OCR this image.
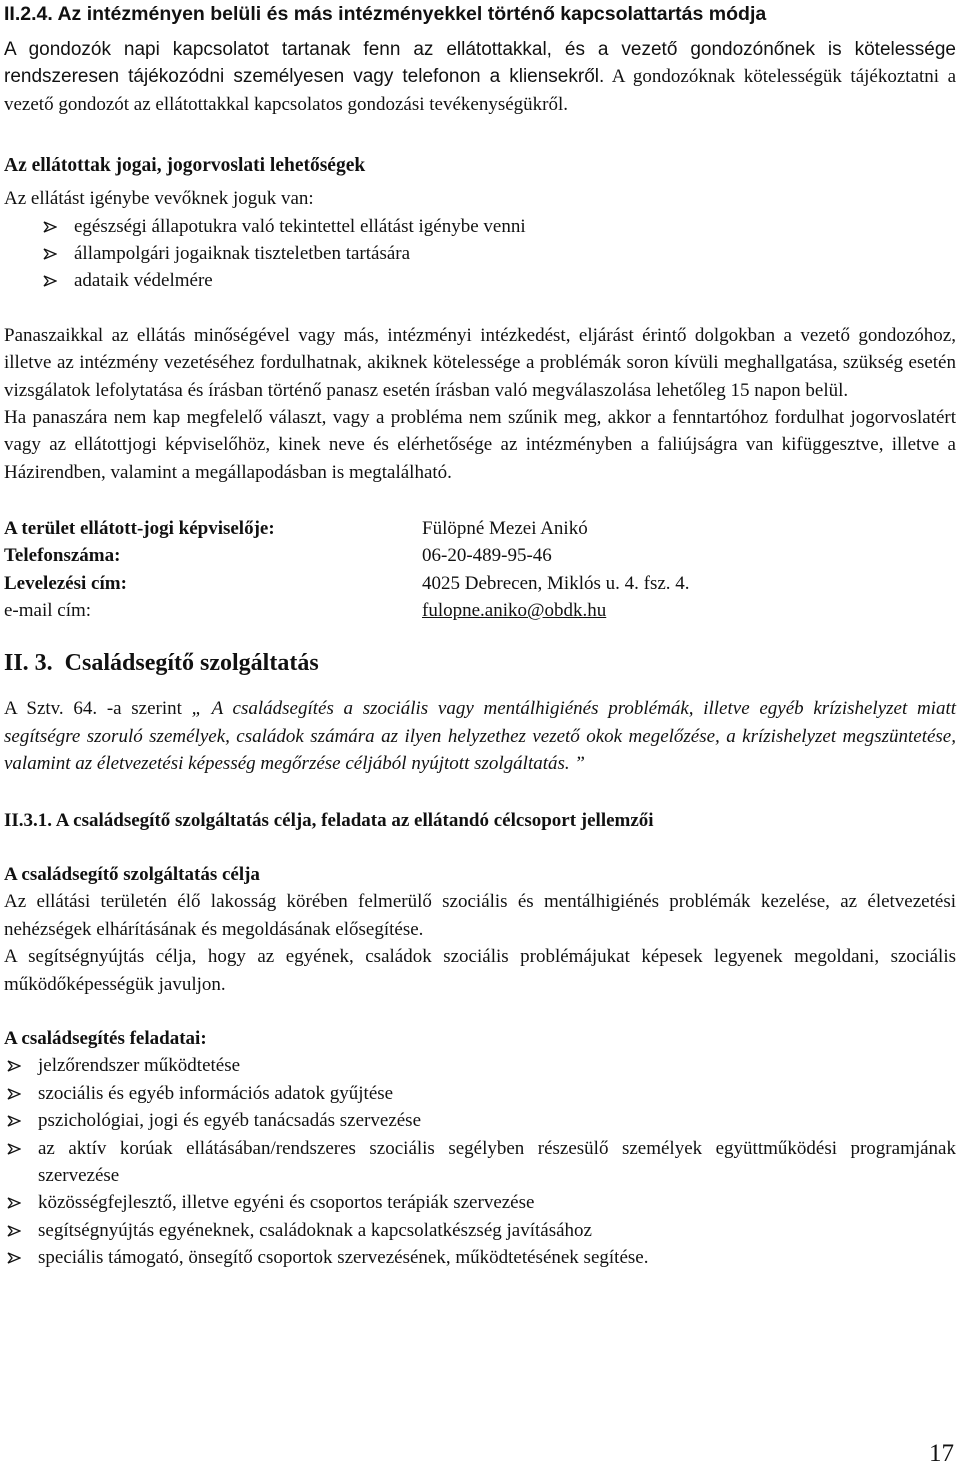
II.2.4. Az intézményen belüli és más intézményekkel történő kapcsolattartás módja

A gondozók napi kapcsolatot tartanak fenn az ellátottakkal, és a vezető gondozónőnek is kötelessége rendszeresen tájékozódni személyesen vagy telefonon a kliensekről. A gondozóknak kötelességük tájékoztatni a vezető gondozót az ellátottakkal kapcsolatos gondozási tevékenységükről.

Az ellátottak jogai, jogorvoslati lehetőségek

Az ellátást igénybe vevőknek joguk van:

egészségi állapotukra való tekintettel ellátást igénybe venni
állampolgári jogaiknak tiszteletben tartására
adataik védelmére

Panaszaikkal az ellátás minőségével vagy más, intézményi intézkedést, eljárást érintő dolgokban a vezető gondozóhoz, illetve az intézmény vezetéséhez fordulhatnak, akiknek kötelessége a problémák soron kívüli meghallgatása, szükség esetén vizsgálatok lefolytatása és írásban történő panasz esetén írásban való megválaszolása lehetőleg 15 napon belül.

Ha panaszára nem kap megfelelő választ, vagy a probléma nem szűnik meg, akkor a fenntartóhoz fordulhat jogorvoslatért vagy az ellátottjogi képviselőhöz, kinek neve és elérhetősége az intézményben a faliújságra van kifüggesztve, illetve a Házirendben, valamint a megállapodásban is megtalálható.

A terület ellátott-jogi képviselője:	Fülöpné Mezei Anikó
Telefonszáma:	06-20-489-95-46
Levelezési cím:	4025 Debrecen, Miklós u. 4. fsz. 4.
e-mail cím:	fulopne.aniko@obdk.hu
II. 3.  Családsegítő szolgáltatás

A Sztv. 64. -a szerint „ A családsegítés a szociális vagy mentálhigiénés problémák, illetve egyéb krízishelyzet miatt segítségre szoruló személyek, családok számára az ilyen helyzethez vezető okok megelőzése, a krízishelyzet megszüntetése, valamint az életvezetési képesség megőrzése céljából nyújtott szolgáltatás. ”

II.3.1. A családsegítő szolgáltatás célja, feladata az ellátandó célcsoport jellemzői

A családsegítő szolgáltatás célja

Az ellátási területén élő lakosság körében felmerülő szociális és mentálhigiénés problémák kezelése, az életvezetési nehézségek elhárításának és megoldásának elősegítése.

A segítségnyújtás célja, hogy az egyének, családok szociális problémájukat képesek legyenek megoldani, szociális működőképességük javuljon.

A családsegítés feladatai:

jelzőrendszer működtetése
szociális és egyéb információs adatok gyűjtése
pszichológiai, jogi és egyéb tanácsadás szervezése
az aktív korúak ellátásában/rendszeres szociális segélyben részesülő személyek együttműködési programjának szervezése
közösségfejlesztő, illetve egyéni és csoportos terápiák szervezése
segítségnyújtás egyéneknek, családoknak a kapcsolatkészség javításához
speciális támogató, önsegítő csoportok szervezésének, működtetésének segítése.
17
